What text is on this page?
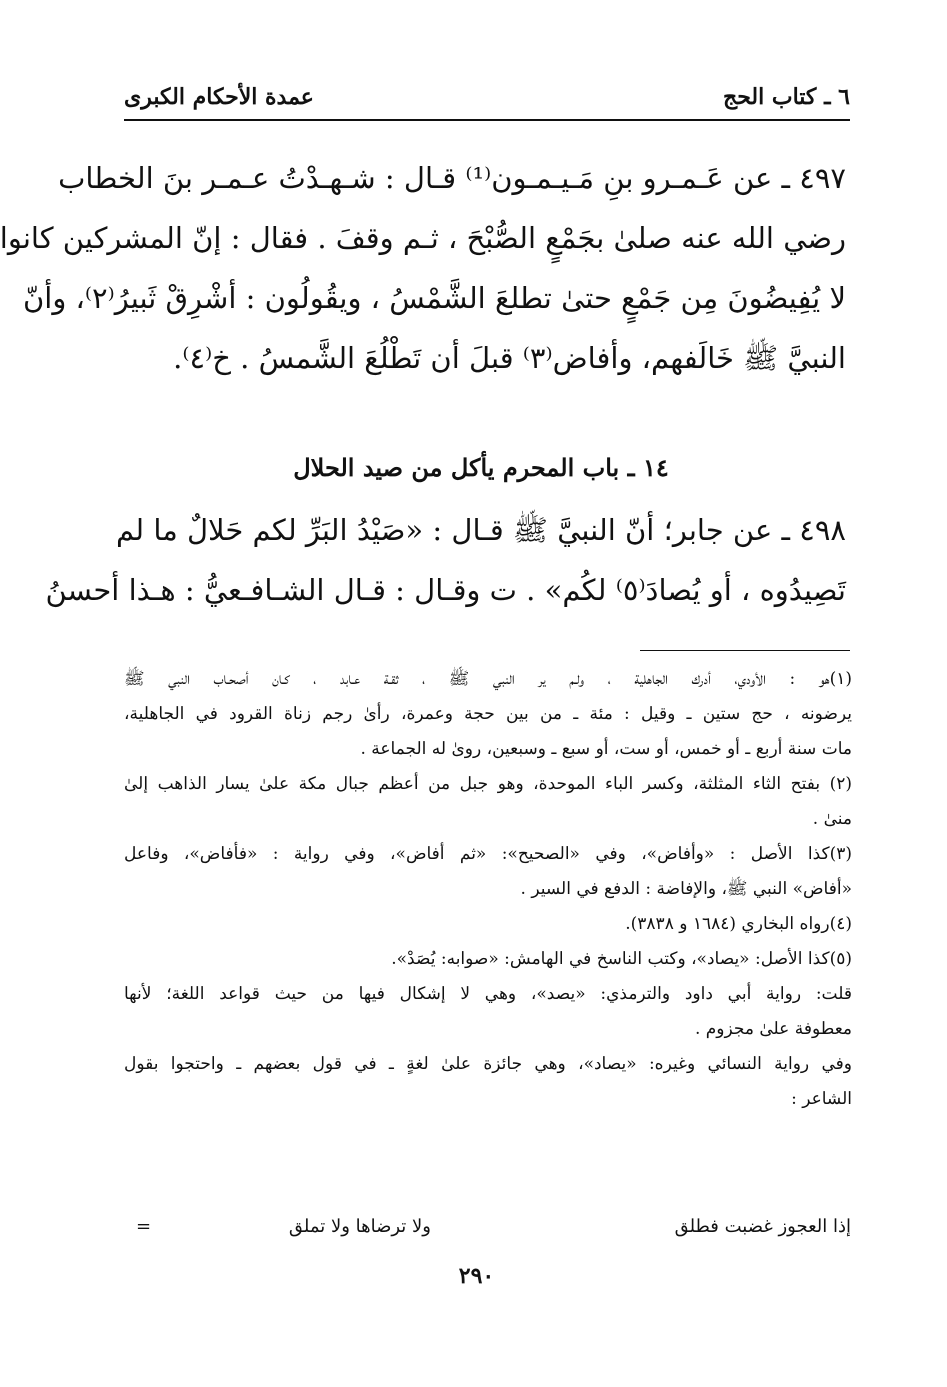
٦ ـ كتاب الحج
عمدة الأحكام الكبرى
٤٩٧ ـ عن عَـمـرو بنِ مَـيـمـون⁽¹⁾ قـال : شـهـدْتُ عـمـر بنَ الخطاب
رضي الله عنه صلىٰ بجَمْعٍ الصُّبْحَ ، ثـم وقفَ . فقال : إنّ المشركين كانوا
لا يُفِيضُونَ مِن جَمْعٍ حتىٰ تطلعَ الشَّمْسُ ، ويقُولُون : أشْرِقْ ثَبيرُ⁽٢⁾، وأنّ
النبيَّ ﷺ خَالَفهم، وأفاض⁽٣⁾ قبلَ أن تَطْلُعَ الشَّمسُ . خ⁽٤⁾.
١٤ ـ باب المحرم يأكل من صيد الحلال
٤٩٨ ـ عن جابر؛ أنّ النبيَّ ﷺ قـال : «صَيْدُ البَرِّ لكم حَلالٌ ما لم
تَصِيدُوه ، أو يُصادَ⁽٥⁾ لكُم» . ت وقـال : قـال الشـافـعيُّ : هـذا أحسنُ
(١)هو : الأودي، أدرك الجاهلية ، ولـم ير النبي ﷺ ، ثقـة عـابد ، كـان أصحـاب النبي ﷺ
يرضونه ، حج ستين ـ وقيل : مئة ـ من بين حجة وعمرة، رأىٰ رجم زناة القرود في الجاهلية،
مات سنة أربع ـ أو خمس، أو ست، أو سبع ـ وسبعين، روىٰ له الجماعة .
(٢) بفتح الثاء المثلثة، وكسر الباء الموحدة، وهو جبل من أعظم جبال مكة علىٰ يسار الذاهب إلىٰ
منىٰ .
(٣)كذا الأصل : «وأفاض»، وفي «الصحيح»: «ثم أفاض»، وفي رواية : «فأفاض»، وفاعل
«أفاض» النبي ﷺ، والإفاضة : الدفع في السير .
(٤)رواه البخاري (١٦٨٤ و ٣٨٣٨).
(٥)كذا الأصل: «يصاد»، وكتب الناسخ في الهامش: «صوابه: يُصَدْ».
قلت: رواية أبي داود والترمذي: «يصد»، وهي لا إشكال فيها من حيث قواعد اللغة؛ لأنها
معطوفة علىٰ مجزوم .
وفي رواية النسائي وغيره: «يصاد»، وهي جائزة علىٰ لغةٍ ـ في قول بعضهم ـ واحتجوا بقول
الشاعر :
إذا العجوز غضبت فطلق
ولا ترضاها ولا تملق
=
٢٩٠
